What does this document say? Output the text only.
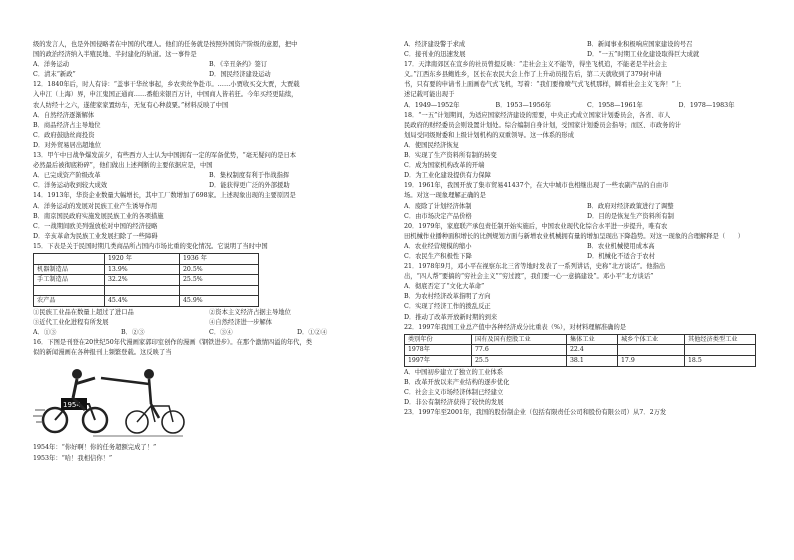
级的发言人，也是外国侵略者在中国的代理人。他们的任务就是按照外国资产阶级的意愿，把中
国的政治经济纳入半殖民地、半封建化的轨道。这一事件是
A．洋务运动	B．《辛丑条约》签订
C．清末“新政”	D．国民经济建设运动
12．1840年后，时人有诗：“盖事干华丝事起，乡农卖丝争赴市。……小贾收买交大贾，大贾载
入申江（上海）界，申江鬼国正通商……番舶来银百万计，中国商人皆若狂。今年买经更陆续，
农人纺经十之六，遂使家家置纺车，无复有心种菽粟。”材料反映了中国
A．自然经济逐渐解体
B．商品经济占主导地位
C．政府鼓励丝商投资
D．对外贸易居出超地位
13．甲午中日战争爆发前夕，有些西方人士认为中国拥有一定的军备优势，“毫无疑问的是日本
必然最后被彻底粉碎”，他们做出上述判断的主要依据应是，中国
A．已完成资产阶级改革	B．集权制度有利于作战指挥
C．洋务运动收到较大成效	D．能获得更广泛的外部援助
14．1913年，华资企业数量大幅增长，其中工厂数增加了698家。上述现象出现的主要原因是
A．洋务运动的发展对民族工业产生诱导作用
B．南京国民政府实施发展民族工业的各项措施
C．一战期间欧美列强放松对中国的经济侵略
D．辛亥革命为民族工业发展扫除了一些障碍
15．下表是关于民国时期几类商品所占国内市场比重的变化情况。它说明了当时中国
	1920 年	1936 年
机器制造品	13.9%	20.5%
手工制造品	32.2%	25.5%

农产品	45.4%	45.9%
①民族工业品在数量上超过了进口品	②资本主义经济占据主导地位
③近代工业化进程有所发展	④自然经济进一步解体
A．①③	B．②③	C．③④	D．①②④
16．下图是刊登在20世纪50年代漫画家郭印室创作的漫画《钢铁进步》。在那个激情四溢的年代，类
似的新闻漫画在各种报刊上频繁登载。这反映了当
1954
1954年：“你好啊！你的任务超额完成了！”
1953年：“哈！我相信你！”
A．经济建设警于求成	B．新闻事业积极响应国家建设的号召
C．接刊业的迅速发展	D．“一五”时期工业化建设取得巨大成就
17．天津南郊区在宣乡的社员曾提反映：“走社会主义不能等，得坐飞机追，不能老是半社会主
义。”江西东乡县鲍姓乡，区长在农民大会上作了上升动员报告后，第二天就收到了379封申请
书，只有要的申请书上面画卷气式飞机，写着：“我们要像喷气式飞机那样，瞬看社会主义飞奔！”上
述记载可能出现于
A．1949—1952年	B．1953—1956年	C．1958—1961年	D．1978—1983年
18．“一五”计划期间，为适应国家经济建设的需要，中央正式成立国家计划委员会，各省、市人
民政府的财经委员会则设置计划处。综合编制自身计划，受国家计划委员会指导；而区、市政务的计
划局受同级财委和上级计划机构的双重领导。这一体系的形成
A．使国民经济恢复
B．实现了生产资料所有制的转变
C．成为国家机构改革的开端
D．为工业化建设提供有力保障
19．1961年，我国开放了集市贸易41437个，在大中城市也相继出现了一些农副产品的自由市
场。对这一现象理解正确的是
A．废除了计划经济体制	B．政府对经济政策进行了调整
C．由市场决定产品价格	D．目的是恢复生产资料所有制
20．1979年，家庭联产承包责任制开始实施后，中国农业现代化综合水平进一步提升，唯有农
田机械作业播种面积增长的比例规划方面与新增农业机械拥有量的增加呈现出下降趋势。对这一现象的合理解释是（　　）
A．农业经营规模的缩小	B．农业机械使用成本高
C．农民生产积极性下降	D．机械化不适合于农村
21．1978年9月，邓小平在视察东北三省等地时发表了一系列讲话，史称“北方谈话”。他指出
出，“四人帮”要搞的“穷社会主义”“穷过渡”，我们要一心一意搞建设”。邓小平“北方谈话”
A．彻底否定了“文化大革命”
B．为农村经济改革指明了方向
C．实现了经济工作的拨乱反正
D．推动了改革开放新时期的到来
22．1997年我国工业总产值中各种经济成分比重表（%），对材料理解准确的是
类别年份	国有及国有控股工业	集体工业	城乡个体工业	其他经济类型工业
1978年	77.6	22.4		
1997年	25.5	38.1	17.9	18.5
A．中国初步建立了独立的工业体系
B．改革开放以来产业结构的逐步优化
C．社会主义市场经济体制已经建立
D．非公有制经济获得了较快的发展
23．1997年至2001年，我国的股份制企业（包括有限责任公司和股份有限公司）从7．2万发
